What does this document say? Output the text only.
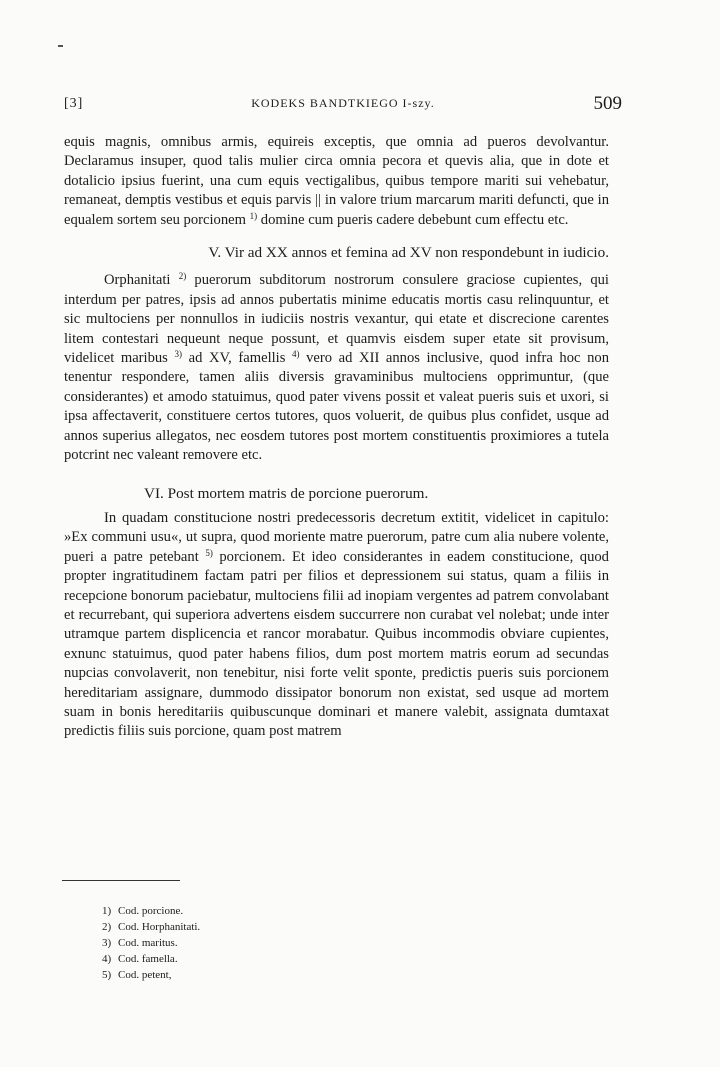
[3]	KODEKS BANDTKIEGO I-szy.	509

equis magnis, omnibus armis, equireis exceptis, que omnia ad pueros devolvantur. Declaramus insuper, quod talis mulier circa omnia pecora et quevis alia, que in dote et dotalicio ipsius fuerint, una cum equis vectigalibus, quibus tempore mariti sui vehebatur, remaneat, demptis vestibus et equis parvis || in valore trium marcarum mariti defuncti, que in equalem sortem seu porcionem $^{1)}$ domine cum pueris cadere debebunt cum effectu etc.

V. Vir ad XX annos et femina ad XV non respondebunt in iudicio.

Orphanitati $^{2)}$ puerorum subditorum nostrorum consulere graciose cupientes, qui interdum per patres, ipsis ad annos pubertatis minime educatis mortis casu relinquuntur, et sic multociens per nonnullos in iudiciis nostris vexantur, qui etate et discrecione carentes litem contestari nequeunt neque possunt, et quamvis eisdem super etate sit provisum, videlicet maribus $^{3)}$ ad XV, famellis $^{4)}$ vero ad XII annos inclusive, quod infra hoc non tenentur respondere, tamen aliis diversis gravaminibus multociens opprimuntur, (que considerantes) et amodo statuimus, quod pater vivens possit et valeat pueris suis et uxori, si ipsa affectaverit, constituere certos tutores, quos voluerit, de quibus plus confidet, usque ad annos superius allegatos, nec eosdem tutores post mortem constituentis proximiores a tutela potcrint nec valeant removere etc.

VI. Post mortem matris de porcione puerorum.

In quadam constitucione nostri predecessoris decretum extitit, videlicet in capitulo: »Ex communi usu«, ut supra, quod moriente matre puerorum, patre cum alia nubere volente, pueri a patre petebant $^{5)}$ porcionem. Et ideo considerantes in eadem constitucione, quod propter ingratitudinem factam patri per filios et depressionem sui status, quam a filiis in recepcione bonorum paciebatur, multociens filii ad inopiam vergentes ad patrem convolabant et recurrebant, qui superiora advertens eisdem succurrere non curabat vel nolebat; unde inter utramque partem displicencia et rancor morabatur. Quibus incommodis obviare cupientes, exnunc statuimus, quod pater habens filios, dum post mortem matris eorum ad secundas nupcias convolaverit, non tenebitur, nisi forte velit sponte, predictis pueris suis porcionem hereditariam assignare, dummodo dissipator bonorum non existat, sed usque ad mortem suam in bonis hereditariis quibuscunque dominari et manere valebit, assignata dumtaxat predictis filiis suis porcione, quam post matrem

1) Cod. porcione.
2) Cod. Horphanitati.
3) Cod. maritus.
4) Cod. famella.
5) Cod. petent,
